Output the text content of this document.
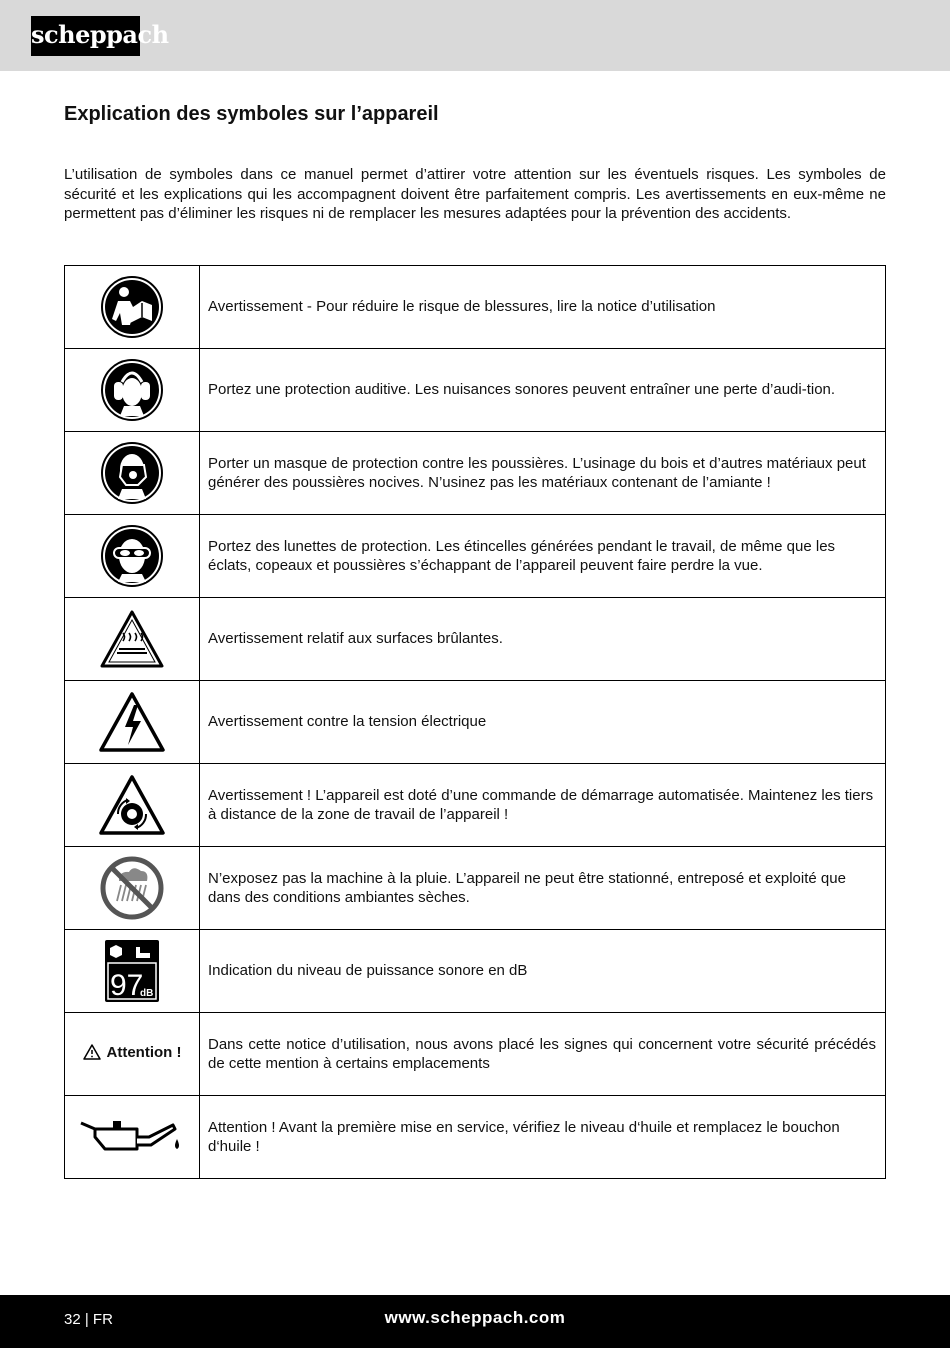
scheppach
Explication des symboles sur l’appareil

L’utilisation de symboles dans ce manuel permet d’attirer votre attention sur les éventuels risques. Les symboles de sécurité et les explications qui les accompagnent doivent être parfaitement compris. Les avertissements en eux-même ne permettent pas d’éliminer les risques ni de remplacer les mesures adaptées pour la prévention des accidents.

	Avertissement - Pour réduire le risque de blessures, lire la notice d’utilisation

	Portez une protection auditive. Les nuisances sonores peuvent entraîner une perte d’audi-tion.

	Porter un masque de protection contre les poussières. L’usinage du bois et d’autres matériaux peut générer des poussières nocives. N’usinez pas les matériaux contenant de l’amiante !

	Portez des lunettes de protection. Les étincelles générées pendant le travail, de même que les éclats, copeaux et poussières s’échappant de l’appareil peuvent faire perdre la vue.

	Avertissement relatif aux surfaces brûlantes.

	Avertissement contre la tension électrique

	Avertissement ! L’appareil est doté d’une commande de démarrage automatisée. Maintenez les tiers à distance de la zone de travail de l’appareil !

	N’exposez pas la machine à la pluie. L’appareil ne peut être stationné, entreposé et exploité que dans des conditions ambiantes sèches.

97
dB	Indication du niveau de puissance sonore en dB

Attention !	Dans cette notice d’utilisation, nous avons placé les signes qui concernent votre sécurité précédés de cette mention à certains emplacements

	Attention ! Avant la première mise en service, vérifiez le niveau d‘huile et remplacez le bouchon d‘huile !
32 | FR	www.scheppach.com
